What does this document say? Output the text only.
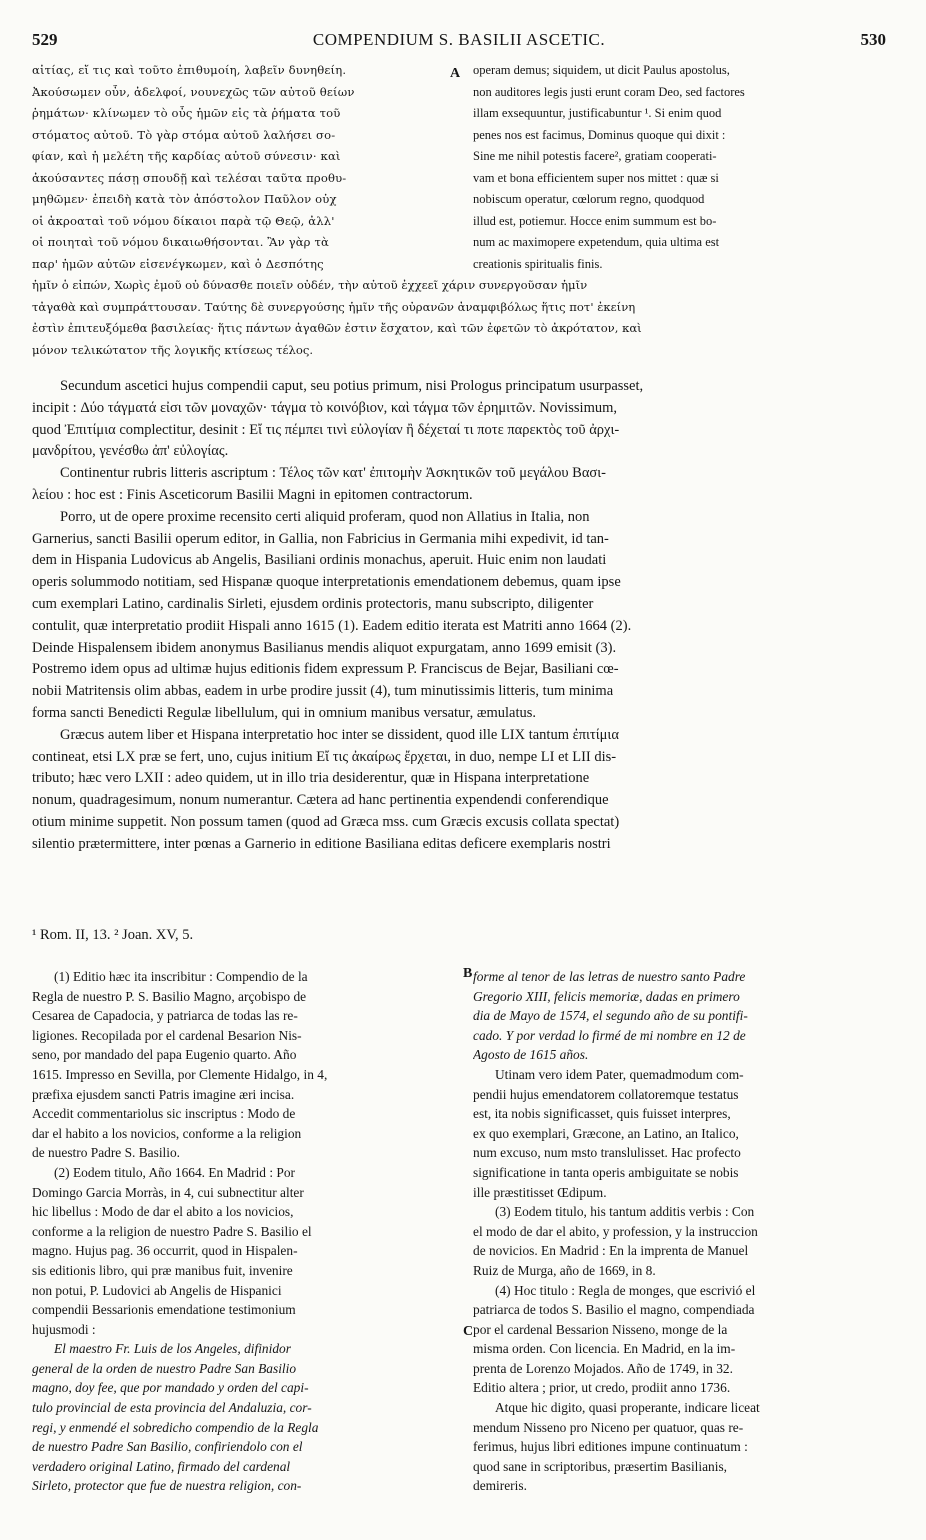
529	COMPENDIUM S. BASILII ASCETIC.	530

αἰτίας, εἴ τις καὶ τοῦτο ἐπιθυμοίη, λαβεῖν δυνηθείη.

Ἀκούσωμεν οὖν, ἀδελφοί, νουνεχῶς τῶν αὐτοῦ θείων

ῥημάτων· κλίνωμεν τὸ οὖς ἡμῶν εἰς τὰ ῥήματα τοῦ

στόματος αὐτοῦ. Τὸ γὰρ στόμα αὐτοῦ λαλήσει σο-

φίαν, καὶ ἡ μελέτη τῆς καρδίας αὐτοῦ σύνεσιν· καὶ

ἀκούσαντες πάσῃ σπουδῇ καὶ τελέσαι ταῦτα προθυ-

μηθῶμεν· ἐπειδὴ κατὰ τὸν ἀπόστολον Παῦλον οὐχ

οἱ ἀκροαταὶ τοῦ νόμου δίκαιοι παρὰ τῷ Θεῷ, ἀλλ'

οἱ ποιηταὶ τοῦ νόμου δικαιωθήσονται. Ἂν γὰρ τὰ

παρ' ἡμῶν αὐτῶν εἰσενέγκωμεν, καὶ ὁ Δεσπότης

operam demus; siquidem, ut dicit Paulus apostolus,

non auditores legis justi erunt coram Deo, sed factores

illam exsequuntur, justificabuntur ¹. Si enim quod

penes nos est facimus, Dominus quoque qui dixit :

Sine me nihil potestis facere², gratiam cooperati-

vam et bona efficientem super nos mittet : quæ si

nobiscum operatur, cœlorum regno, quodquod

illud est, potiemur. Hocce enim summum est bo-

num ac maximopere expetendum, quia ultima est

creationis spiritualis finis.

A
B
C

ἡμῖν ὁ εἰπών, Χωρὶς ἐμοῦ οὐ δύνασθε ποιεῖν οὐδέν, τὴν αὐτοῦ ἐχχεεῖ χάριν συνεργοῦσαν ἡμῖν

τἀγαθὰ καὶ συμπράττουσαν. Ταύτης δὲ συνεργούσης ἡμῖν τῆς οὐρανῶν ἀναμφιβόλως ἥτις ποτ' ἐκείνη

ἐστὶν ἐπιτευξόμεθα βασιλείας· ἥτις πάντων ἀγαθῶν ἐστιν ἔσχατον, καὶ τῶν ἐφετῶν τὸ ἀκρότατον, καὶ

μόνον τελικώτατον τῆς λογικῆς κτίσεως τέλος.

Secundum ascetici hujus compendii caput, seu potius primum, nisi Prologus principatum usurpasset,

incipit : Δύο τάγματά εἰσι τῶν μοναχῶν· τάγμα τὸ κοινόβιον, καὶ τάγμα τῶν ἐρημιτῶν. Novissimum,

quod Ἐπιτίμια complectitur, desinit : Εἴ τις πέμπει τινὶ εὐλογίαν ἢ δέχεταί τι ποτε παρεκτὸς τοῦ ἀρχι-

μανδρίτου, γενέσθω ἀπ' εὐλογίας.

Continentur rubris litteris ascriptum : Τέλος τῶν κατ' ἐπιτομὴν Ἀσκητικῶν τοῦ μεγάλου Βασι-

λείου : hoc est : Finis Asceticorum Basilii Magni in epitomen contractorum.

Porro, ut de opere proxime recensito certi aliquid proferam, quod non Allatius in Italia, non

Garnerius, sancti Basilii operum editor, in Gallia, non Fabricius in Germania mihi expedivit, id tan-

dem in Hispania Ludovicus ab Angelis, Basiliani ordinis monachus, aperuit. Huic enim non laudati

operis solummodo notitiam, sed Hispanæ quoque interpretationis emendationem debemus, quam ipse

cum exemplari Latino, cardinalis Sirleti, ejusdem ordinis protectoris, manu subscripto, diligenter

contulit, quæ interpretatio prodiit Hispali anno 1615 (1). Eadem editio iterata est Matriti anno 1664 (2).

Deinde Hispalensem ibidem anonymus Basilianus mendis aliquot expurgatam, anno 1699 emisit (3).

Postremo idem opus ad ultimæ hujus editionis fidem expressum P. Franciscus de Bejar, Basiliani cœ-

nobii Matritensis olim abbas, eadem in urbe prodire jussit (4), tum minutissimis litteris, tum minima

forma sancti Benedicti Regulæ libellulum, qui in omnium manibus versatur, æmulatus.

Græcus autem liber et Hispana interpretatio hoc inter se dissident, quod ille LIX tantum ἐπιτίμια

contineat, etsi LX præ se fert, uno, cujus initium Εἴ τις ἀκαίρως ἔρχεται, in duo, nempe LI et LII dis-

tributo; hæc vero LXII : adeo quidem, ut in illo tria desiderentur, quæ in Hispana interpretatione

nonum, quadragesimum, nonum numerantur. Cætera ad hanc pertinentia expendendi conferendique

otium minime suppetit. Non possum tamen (quod ad Græca mss. cum Græcis excusis collata spectat)

silentio prætermittere, inter pœnas a Garnerio in editione Basiliana editas deficere exemplaris nostri

¹ Rom. II, 13. ² Joan. XV, 5.

(1) Editio hæc ita inscribitur : Compendio de la

Regla de nuestro P. S. Basilio Magno, arçobispo de

Cesarea de Capadocia, y patriarca de todas las re-

ligiones. Recopilada por el cardenal Besarion Nis-

seno, por mandado del papa Eugenio quarto. Año

1615. Impresso en Sevilla, por Clemente Hidalgo, in 4,

præfixa ejusdem sancti Patris imagine æri incisa.

Accedit commentariolus sic inscriptus : Modo de

dar el habito a los novicios, conforme a la religion

de nuestro Padre S. Basilio.

(2) Eodem titulo, Año 1664. En Madrid : Por

Domingo Garcia Morràs, in 4, cui subnectitur alter

hic libellus : Modo de dar el abito a los novicios,

conforme a la religion de nuestro Padre S. Basilio el

magno. Hujus pag. 36 occurrit, quod in Hispalen-

sis editionis libro, qui præ manibus fuit, invenire

non potui, P. Ludovici ab Angelis de Hispanici

compendii Bessarionis emendatione testimonium

hujusmodi :

El maestro Fr. Luis de los Angeles, difinidor

general de la orden de nuestro Padre San Basilio

magno, doy fee, que por mandado y orden del capi-

tulo provincial de esta provincia del Andaluzia, cor-

regi, y enmendé el sobredicho compendio de la Regla

de nuestro Padre San Basilio, confiriendolo con el

verdadero original Latino, firmado del cardenal

Sirleto, protector que fue de nuestra religion, con-

forme al tenor de las letras de nuestro santo Padre

Gregorio XIII, felicis memoriæ, dadas en primero

dia de Mayo de 1574, el segundo año de su pontifi-

cado. Y por verdad lo firmé de mi nombre en 12 de

Agosto de 1615 años.

Utinam vero idem Pater, quemadmodum com-

pendii hujus emendatorem collatoremque testatus

est, ita nobis significasset, quis fuisset interpres,

ex quo exemplari, Græcone, an Latino, an Italico,

num excuso, num msto translulisset. Hac profecto

significatione in tanta operis ambiguitate se nobis

ille præstitisset Œdipum.

(3) Eodem titulo, his tantum additis verbis : Con

el modo de dar el abito, y profession, y la instruccion

de novicios. En Madrid : En la imprenta de Manuel

Ruiz de Murga, año de 1669, in 8.

(4) Hoc titulo : Regla de monges, que escrivió el

patriarca de todos S. Basilio el magno, compendiada

por el cardenal Bessarion Nisseno, monge de la

misma orden. Con licencia. En Madrid, en la im-

prenta de Lorenzo Mojados. Año de 1749, in 32.

Editio altera ; prior, ut credo, prodiit anno 1736.

Atque hic digito, quasi properante, indicare liceat

mendum Nisseno pro Niceno per quatuor, quas re-

ferimus, hujus libri editiones impune continuatum :

quod sane in scriptoribus, præsertim Basilianis,

demireris.
